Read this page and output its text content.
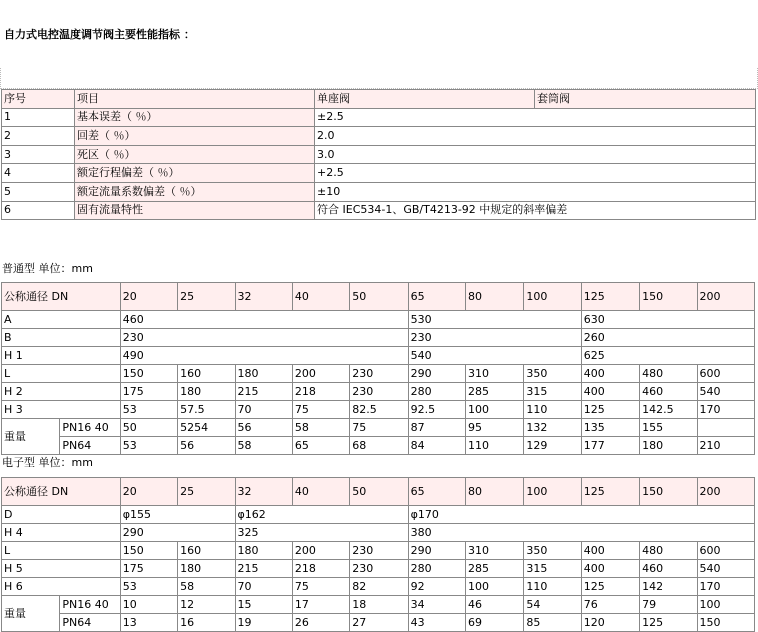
自力式电控温度调节阀主要性能指标 ：
序号	项目	单座阀	套筒阀
1	基本误差（ ％）	±2.5	
2	回差（ ％）	2.0	
3	死区（ ％）	3.0	
4	额定行程偏差（ ％）	+2.5	
5	额定流量系数偏差（ ％）	±10	
6	固有流量特性	符合 IEC534-1、GB/T4213-92 中规定的斜率偏差	
普通型 单位：mm
公称通径 DN		20	25	32	40	50	65	80	100	125	150	200
A		460					530			630		
B		230					230			260		
H 1		490					540			625		
L		150	160	180	200	230	290	310	350	400	480	600
H 2		175	180	215	218	230	280	285	315	400	460	540
H 3		53	57.5	70	75	82.5	92.5	100	110	125	142.5	170
重量	PN16 40	50	5254	56	58	75	87	95	132	135	155	
	PN64	53	56	58	65	68	84	110	129	177	180	210
电子型 单位：mm
公称通径 DN		20	25	32	40	50	65	80	100	125	150	200
D		φ155		φ162			φ170					
H 4		290		325			380					
L		150	160	180	200	230	290	310	350	400	480	600
H 5		175	180	215	218	230	280	285	315	400	460	540
H 6		53	58	70	75	82	92	100	110	125	142	170
重量	PN16 40	10	12	15	17	18	34	46	54	76	79	100
	PN64	13	16	19	26	27	43	69	85	120	125	150
